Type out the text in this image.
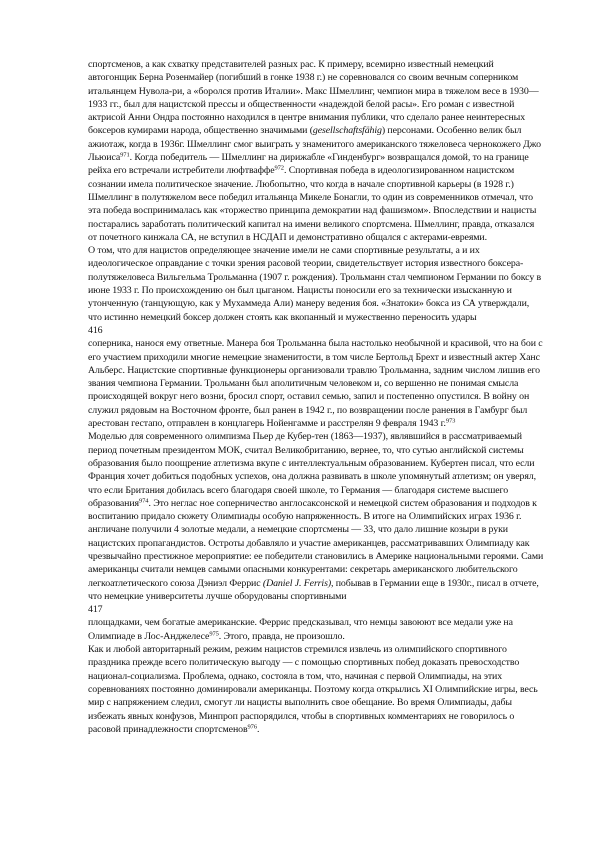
спортсменов, а как схватку представителей разных рас. К примеру, всемирно известный немецкий автогонщик Берна Розенмайер (погибший в гонке 1938 г.) не соревновался со своим вечным соперником итальянцем Нувола-ри, а «боролся против Италии». Макс Шмеллинг, чемпион мира в тяжелом весе в 1930—1933 гг., был для нацистской прессы и общественности «надеждой белой расы». Его роман с известной актрисой Анни Ондра постоянно находился в центре внимания публики, что сделало ранее неинтересных боксеров кумирами народа, общественно значимыми (gesellschaftsfähig) персонами. Особенно велик был ажиотаж, когда в 1936г. Шмеллинг смог выиграть у знаменитого американского тяжеловеса чернокожего Джо Льюиса$^{971}$. Когда победитель — Шмеллинг на дирижабле «Гинденбург» возвращался домой, то на границе рейха его встречали истребители люфтваффе$^{972}$. Спортивная победа в идеологизированном нацистском сознании имела политическое значение. Любопытно, что когда в начале спортивной карьеры (в 1928 г.) Шмеллинг в полутяжелом весе победил итальянца Микеле Бонагли, то один из современников отмечал, что эта победа воспринималась как «торжество принципа демократии над фашизмом». Впоследствии и нацисты постарались заработать политический капитал на имени великого спортсмена. Шмеллинг, правда, отказался от почетного кинжала СА, не вступил в НСДАП и демонстративно общался с актерами-евреями.

О том, что для нацистов определяющее значение имели не сами спортивные результаты, а и их идеологическое оправдание с точки зрения расовой теории, свидетельствует история известного боксера-полутяжеловеса Вильгельма Трольманна (1907 г. рождения). Трольманн стал чемпионом Германии по боксу в июне 1933 г. По происхождению он был цыганом. Нацисты поносили его за технически изысканную и утонченную (танцующую, как у Мухаммеда Али) манеру ведения боя. «Знатоки» бокса из СА утверждали, что истинно немецкий боксер должен стоять как вкопанный и мужественно переносить удары

416

соперника, нанося ему ответные. Манера боя Трольманна была настолько необычной и красивой, что на бои с его участием приходили многие немецкие знаменитости, в том числе Бертольд Брехт и известный актер Ханс Альберс. Нацистские спортивные функционеры организовали травлю Трольманна, задним числом лишив его звания чемпиона Германии. Трольманн был аполитичным человеком и, со вершенно не понимая смысла происходящей вокруг него возни, бросил спорт, оставил семью, запил и постепенно опустился. В войну он служил рядовым на Восточном фронте, был ранен в 1942 г., по возвращении после ранения в Гамбург был арестован гестапо, отправлен в концлагерь Нойенгамме и расстрелян 9 февраля 1943 г.$^{973}$

Моделью для современного олимпизма Пьер де Кубер-тен (1863—1937), являвшийся в рассматриваемый период почетным президентом МОК, считал Великобританию, вернее, то, что сутью английской системы образования было поощрение атлетизма вкупе с интеллектуальным образованием. Кубертен писал, что если Франция хочет добиться подобных успехов, она должна развивать в школе упомянутый атлетизм; он уверял, что если Британия добилась всего благодаря своей школе, то Германия — благодаря системе высшего образования$^{974}$. Это неглас ное соперничество англосаксонской и немецкой систем образования и подходов к воспитанию придало сюжету Олимпиады особую напряженность. В итоге на Олимпийских играх 1936 г. англичане получили 4 золотые медали, а немецкие спортсмены — 33, что дало лишние козыри в руки нацистских пропагандистов. Остроты добавляло и участие американцев, рассматривавших Олимпиаду как чрезвычайно престижное мероприятие: ее победители становились в Америке национальными героями. Сами американцы считали немцев самыми опасными конкурентами: секретарь американского любительского легкоатлетического союза Дэниэл Феррис (Daniel J. Ferris), побывав в Германии еще в 1930г., писал в отчете, что немецкие университеты лучше оборудованы спортивными

417

площадками, чем богатые американские. Феррис предсказывал, что немцы завоюют все медали уже на Олимпиаде в Лос-Анджелесе$^{975}$. Этого, правда, не произошло.

Как и любой авторитарный режим, режим нацистов стремился извлечь из олимпийского спортивного праздника прежде всего политическую выгоду — с помощью спортивных побед доказать превосходство национал-социализма. Проблема, однако, состояла в том, что, начиная с первой Олимпиады, на этих соревнованиях постоянно доминировали американцы. Поэтому когда открылись XI Олимпийские игры, весь мир с напряжением следил, смогут ли нацисты выполнить свое обещание. Во время Олимпиады, дабы избежать явных конфузов, Минпроп распорядился, чтобы в спортивных комментариях не говорилось о расовой принадлежности спортсменов$^{976}$.
